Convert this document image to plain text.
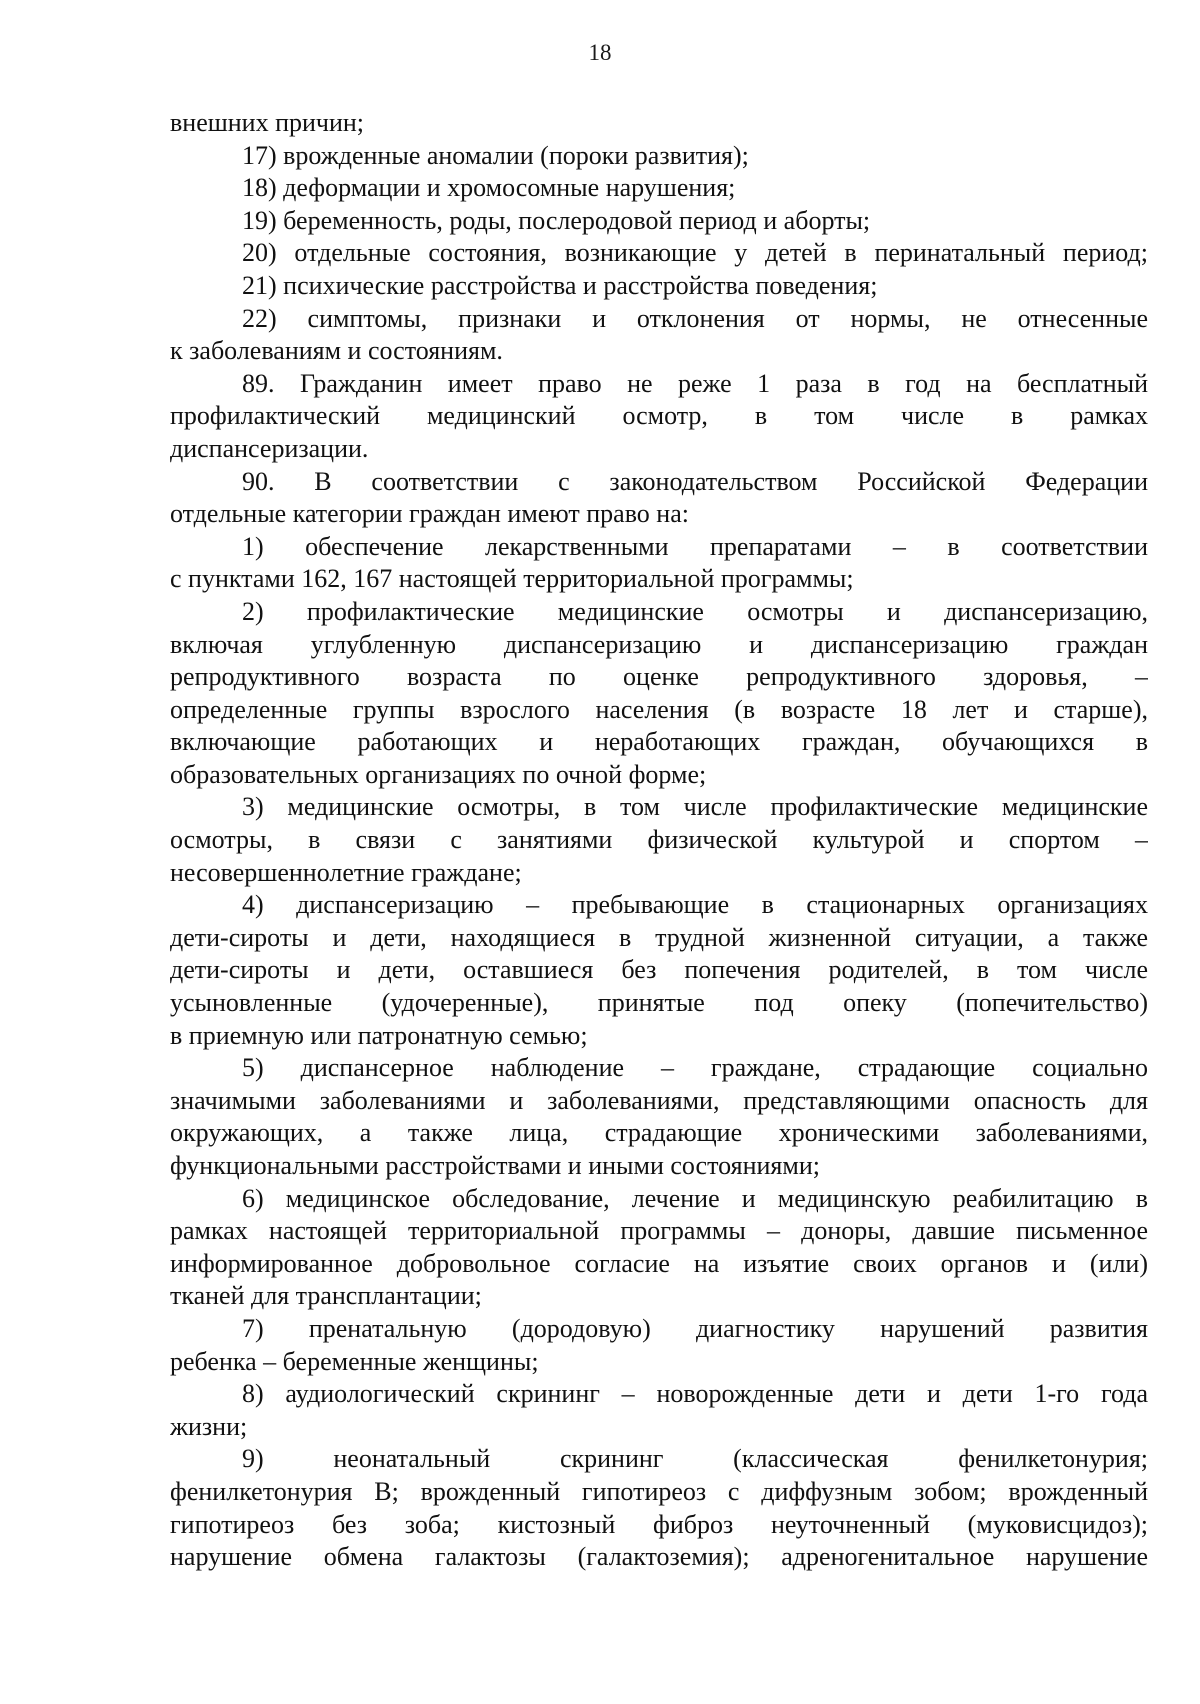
18
внешних причин;
17) врожденные аномалии (пороки развития);
18) деформации и хромосомные нарушения;
19) беременность, роды, послеродовой период и аборты;
20) отдельные состояния, возникающие у детей в перинатальный период;
21) психические расстройства и расстройства поведения;
22) симптомы, признаки и отклонения от нормы, не отнесенные
к заболеваниям и состояниям.
89. Гражданин имеет право не реже 1 раза в год на бесплатный
профилактический медицинский осмотр, в том числе в рамках
диспансеризации.
90. В соответствии с законодательством Российской Федерации
отдельные категории граждан имеют право на:
1) обеспечение лекарственными препаратами – в соответствии
с пунктами 162, 167 настоящей территориальной программы;
2) профилактические медицинские осмотры и диспансеризацию,
включая углубленную диспансеризацию и диспансеризацию граждан
репродуктивного возраста по оценке репродуктивного здоровья, –
определенные группы взрослого населения (в возрасте 18 лет и старше),
включающие работающих и неработающих граждан, обучающихся в
образовательных организациях по очной форме;
3) медицинские осмотры, в том числе профилактические медицинские
осмотры, в связи с занятиями физической культурой и спортом –
несовершеннолетние граждане;
4) диспансеризацию – пребывающие в стационарных организациях
дети-сироты и дети, находящиеся в трудной жизненной ситуации, а также
дети-сироты и дети, оставшиеся без попечения родителей, в том числе
усыновленные (удочеренные), принятые под опеку (попечительство)
в приемную или патронатную семью;
5) диспансерное наблюдение – граждане, страдающие социально
значимыми заболеваниями и заболеваниями, представляющими опасность для
окружающих, а также лица, страдающие хроническими заболеваниями,
функциональными расстройствами и иными состояниями;
6) медицинское обследование, лечение и медицинскую реабилитацию в
рамках настоящей территориальной программы – доноры, давшие письменное
информированное добровольное согласие на изъятие своих органов и (или)
тканей для трансплантации;
7) пренатальную (дородовую) диагностику нарушений развития
ребенка – беременные женщины;
8) аудиологический скрининг – новорожденные дети и дети 1-го года
жизни;
9) неонатальный скрининг (классическая фенилкетонурия;
фенилкетонурия В; врожденный гипотиреоз с диффузным зобом; врожденный
гипотиреоз без зоба; кистозный фиброз неуточненный (муковисцидоз);
нарушение обмена галактозы (галактоземия); адреногенитальное нарушение
